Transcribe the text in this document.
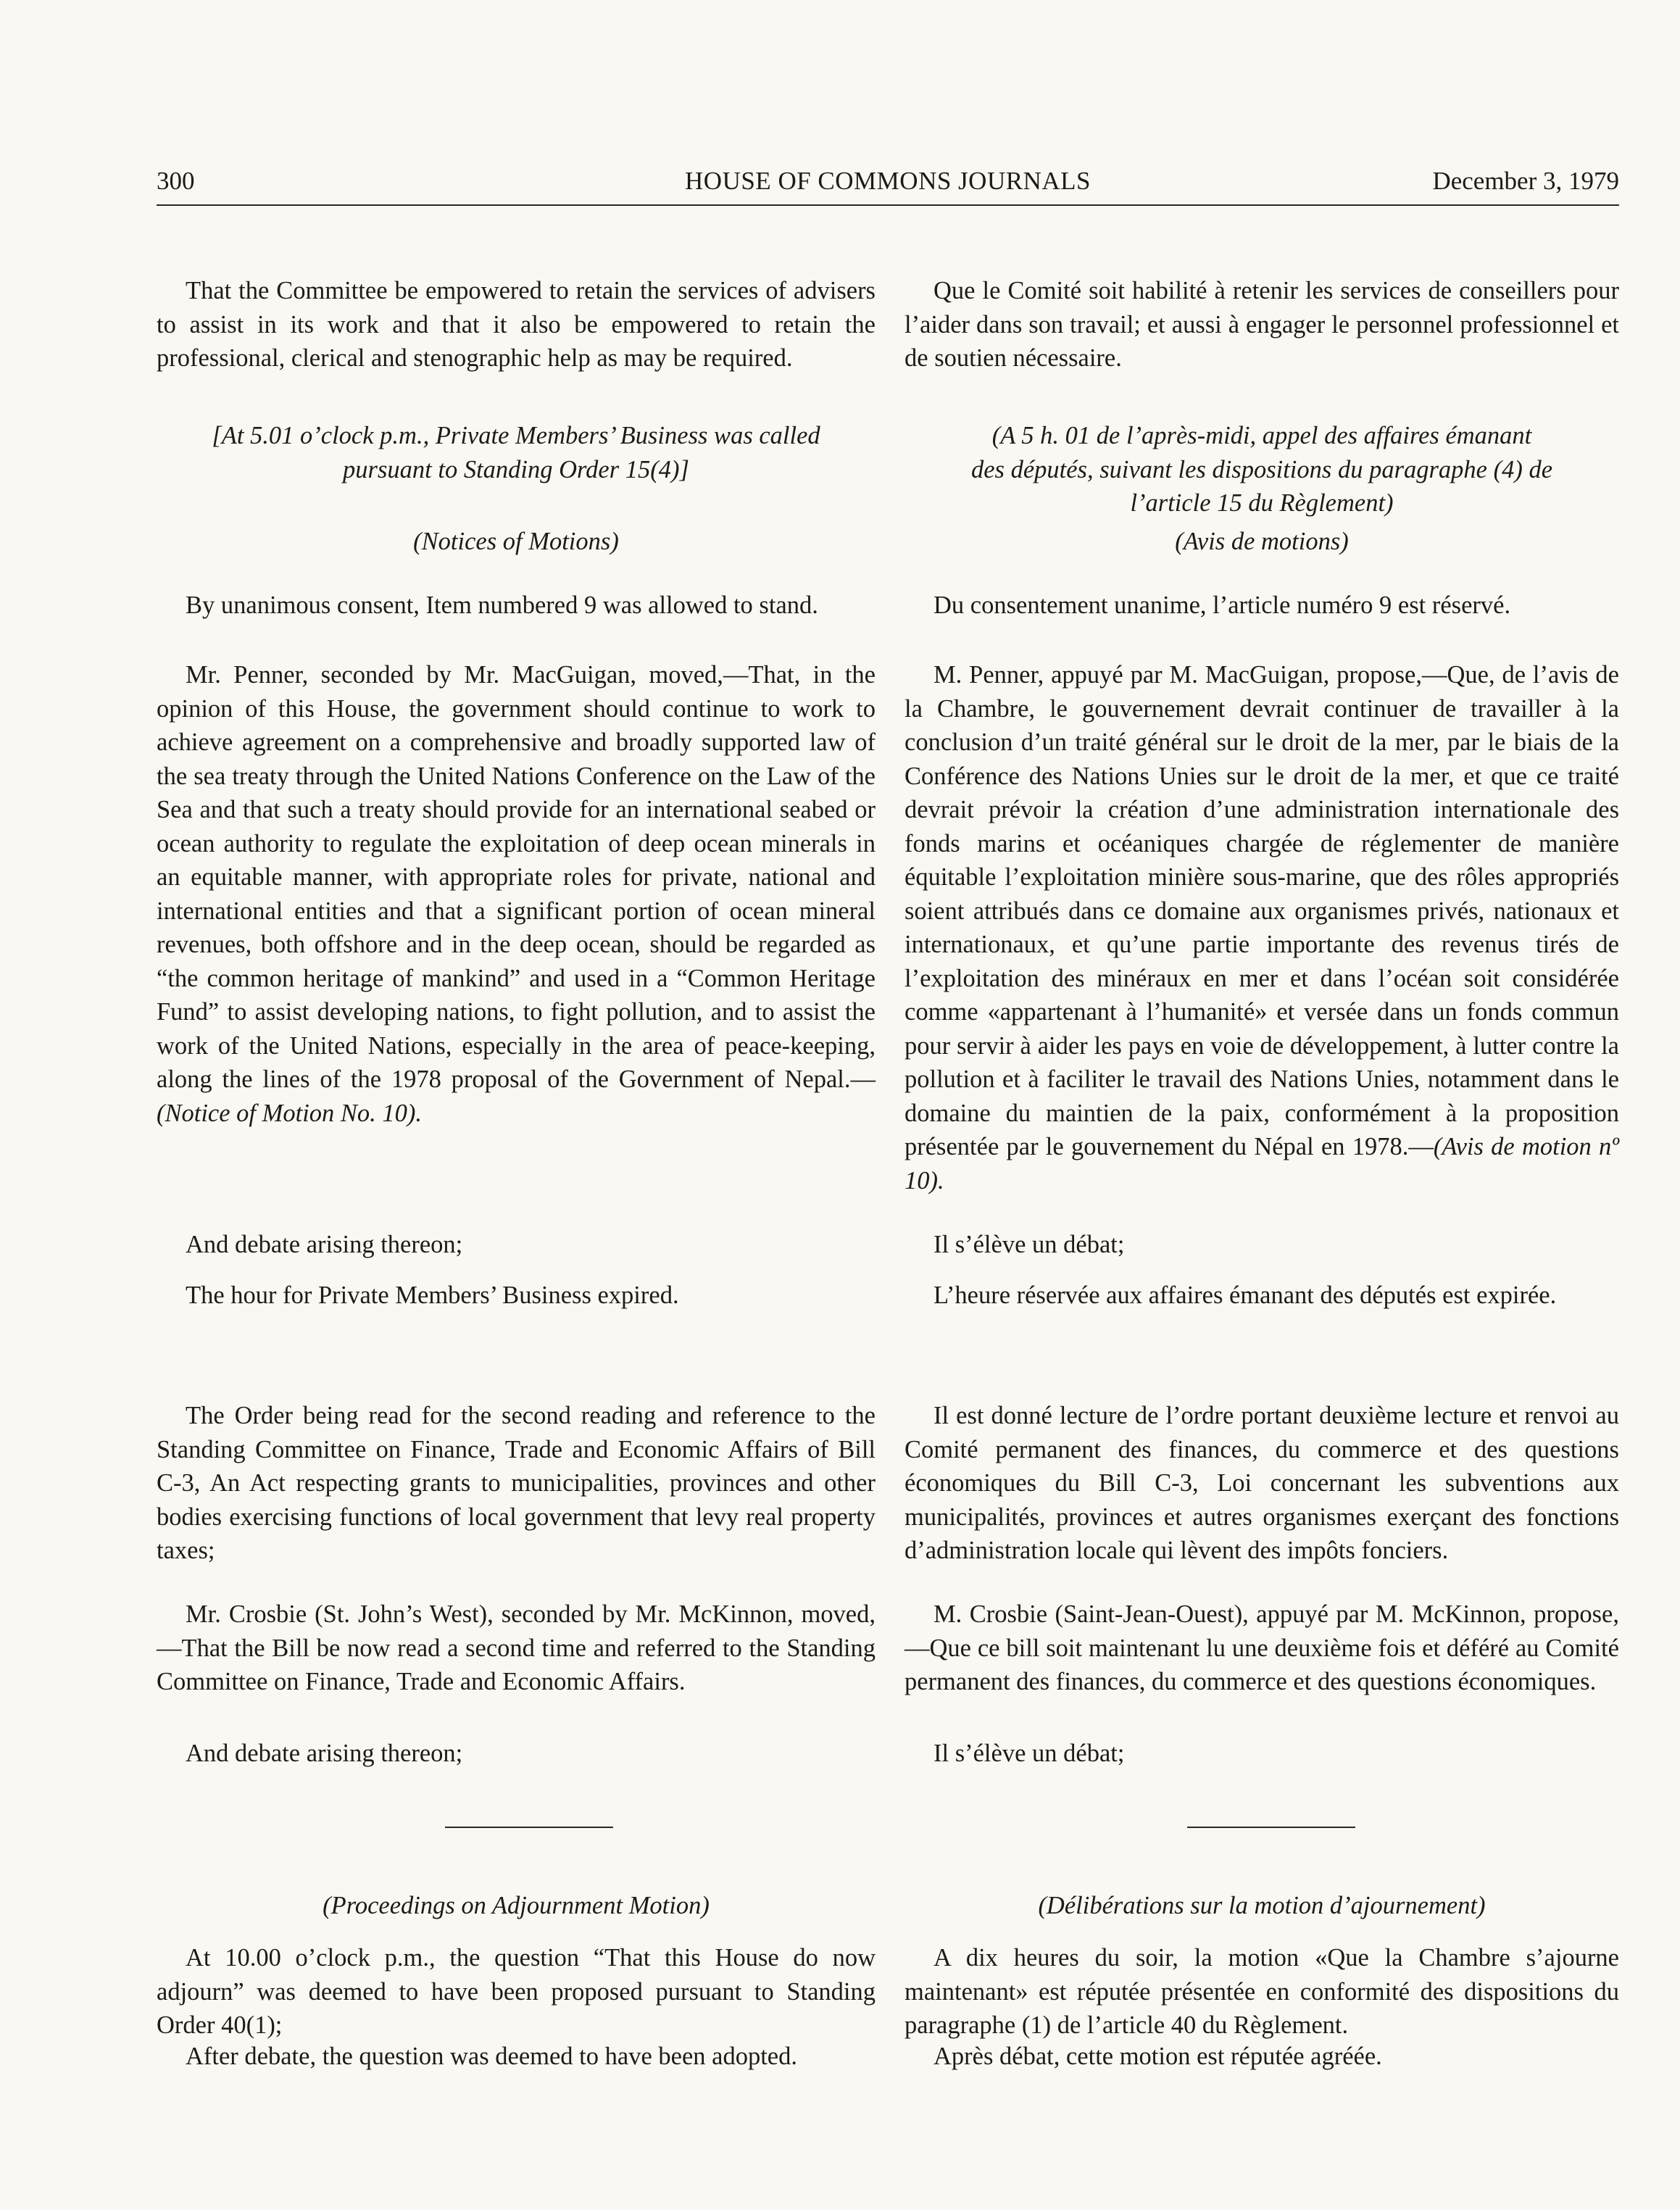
300	HOUSE OF COMMONS JOURNALS	December 3, 1979

That the Committee be empowered to retain the services of advisers to assist in its work and that it also be empowered to retain the professional, clerical and stenographic help as may be required.

[At 5.01 o’clock p.m., Private Members’ Business was called
pursuant to Standing Order 15(4)]

(Notices of Motions)

By unanimous consent, Item numbered 9 was allowed to stand.

Mr. Penner, seconded by Mr. MacGuigan, moved,—That, in the opinion of this House, the government should continue to work to achieve agreement on a comprehensive and broadly supported law of the sea treaty through the United Nations Conference on the Law of the Sea and that such a treaty should provide for an international seabed or ocean authority to regulate the exploitation of deep ocean minerals in an equitable manner, with appropriate roles for private, national and international entities and that a significant portion of ocean mineral revenues, both offshore and in the deep ocean, should be regarded as “the common heritage of mankind” and used in a “Common Heritage Fund” to assist developing nations, to fight pollution, and to assist the work of the United Nations, especially in the area of peace-keeping, along the lines of the 1978 proposal of the Government of Nepal.— (Notice of Motion No. 10).

And debate arising thereon;

The hour for Private Members’ Business expired.

The Order being read for the second reading and reference to the Standing Committee on Finance, Trade and Economic Affairs of Bill C-3, An Act respecting grants to municipalities, provinces and other bodies exercising functions of local government that levy real property taxes;

Mr. Crosbie (St. John’s West), seconded by Mr. McKinnon, moved,—That the Bill be now read a second time and referred to the Standing Committee on Finance, Trade and Economic Affairs.

And debate arising thereon;

(Proceedings on Adjournment Motion)

At 10.00 o’clock p.m., the question “That this House do now adjourn” was deemed to have been proposed pursuant to Standing Order 40(1);

After debate, the question was deemed to have been adopted.

Que le Comité soit habilité à retenir les services de conseillers pour l’aider dans son travail; et aussi à engager le personnel professionnel et de soutien nécessaire.

(A 5 h. 01 de l’après-midi, appel des affaires émanant
des députés, suivant les dispositions du paragraphe (4) de
l’article 15 du Règlement)

(Avis de motions)

Du consentement unanime, l’article numéro 9 est réservé.

M. Penner, appuyé par M. MacGuigan, propose,—Que, de l’avis de la Chambre, le gouvernement devrait continuer de travailler à la conclusion d’un traité général sur le droit de la mer, par le biais de la Conférence des Nations Unies sur le droit de la mer, et que ce traité devrait prévoir la création d’une administration internationale des fonds marins et océaniques chargée de réglementer de manière équitable l’exploitation minière sous-marine, que des rôles appropriés soient attribués dans ce domaine aux organismes privés, nationaux et internationaux, et qu’une partie importante des revenus tirés de l’exploitation des minéraux en mer et dans l’océan soit considérée comme «appartenant à l’humanité» et versée dans un fonds commun pour servir à aider les pays en voie de développement, à lutter contre la pollution et à faciliter le travail des Nations Unies, notamment dans le domaine du maintien de la paix, conformément à la proposition présentée par le gouvernement du Népal en 1978.—(Avis de motion nº 10).

Il s’élève un débat;

L’heure réservée aux affaires émanant des députés est expirée.

Il est donné lecture de l’ordre portant deuxième lecture et renvoi au Comité permanent des finances, du commerce et des questions économiques du Bill C-3, Loi concernant les subventions aux municipalités, provinces et autres organismes exerçant des fonctions d’administration locale qui lèvent des impôts fonciers.

M. Crosbie (Saint-Jean-Ouest), appuyé par M. McKinnon, propose,—Que ce bill soit maintenant lu une deuxième fois et déféré au Comité permanent des finances, du commerce et des questions économiques.

Il s’élève un débat;

(Délibérations sur la motion d’ajournement)

A dix heures du soir, la motion «Que la Chambre s’ajourne maintenant» est réputée présentée en conformité des dispositions du paragraphe (1) de l’article 40 du Règlement.

Après débat, cette motion est réputée agréée.
